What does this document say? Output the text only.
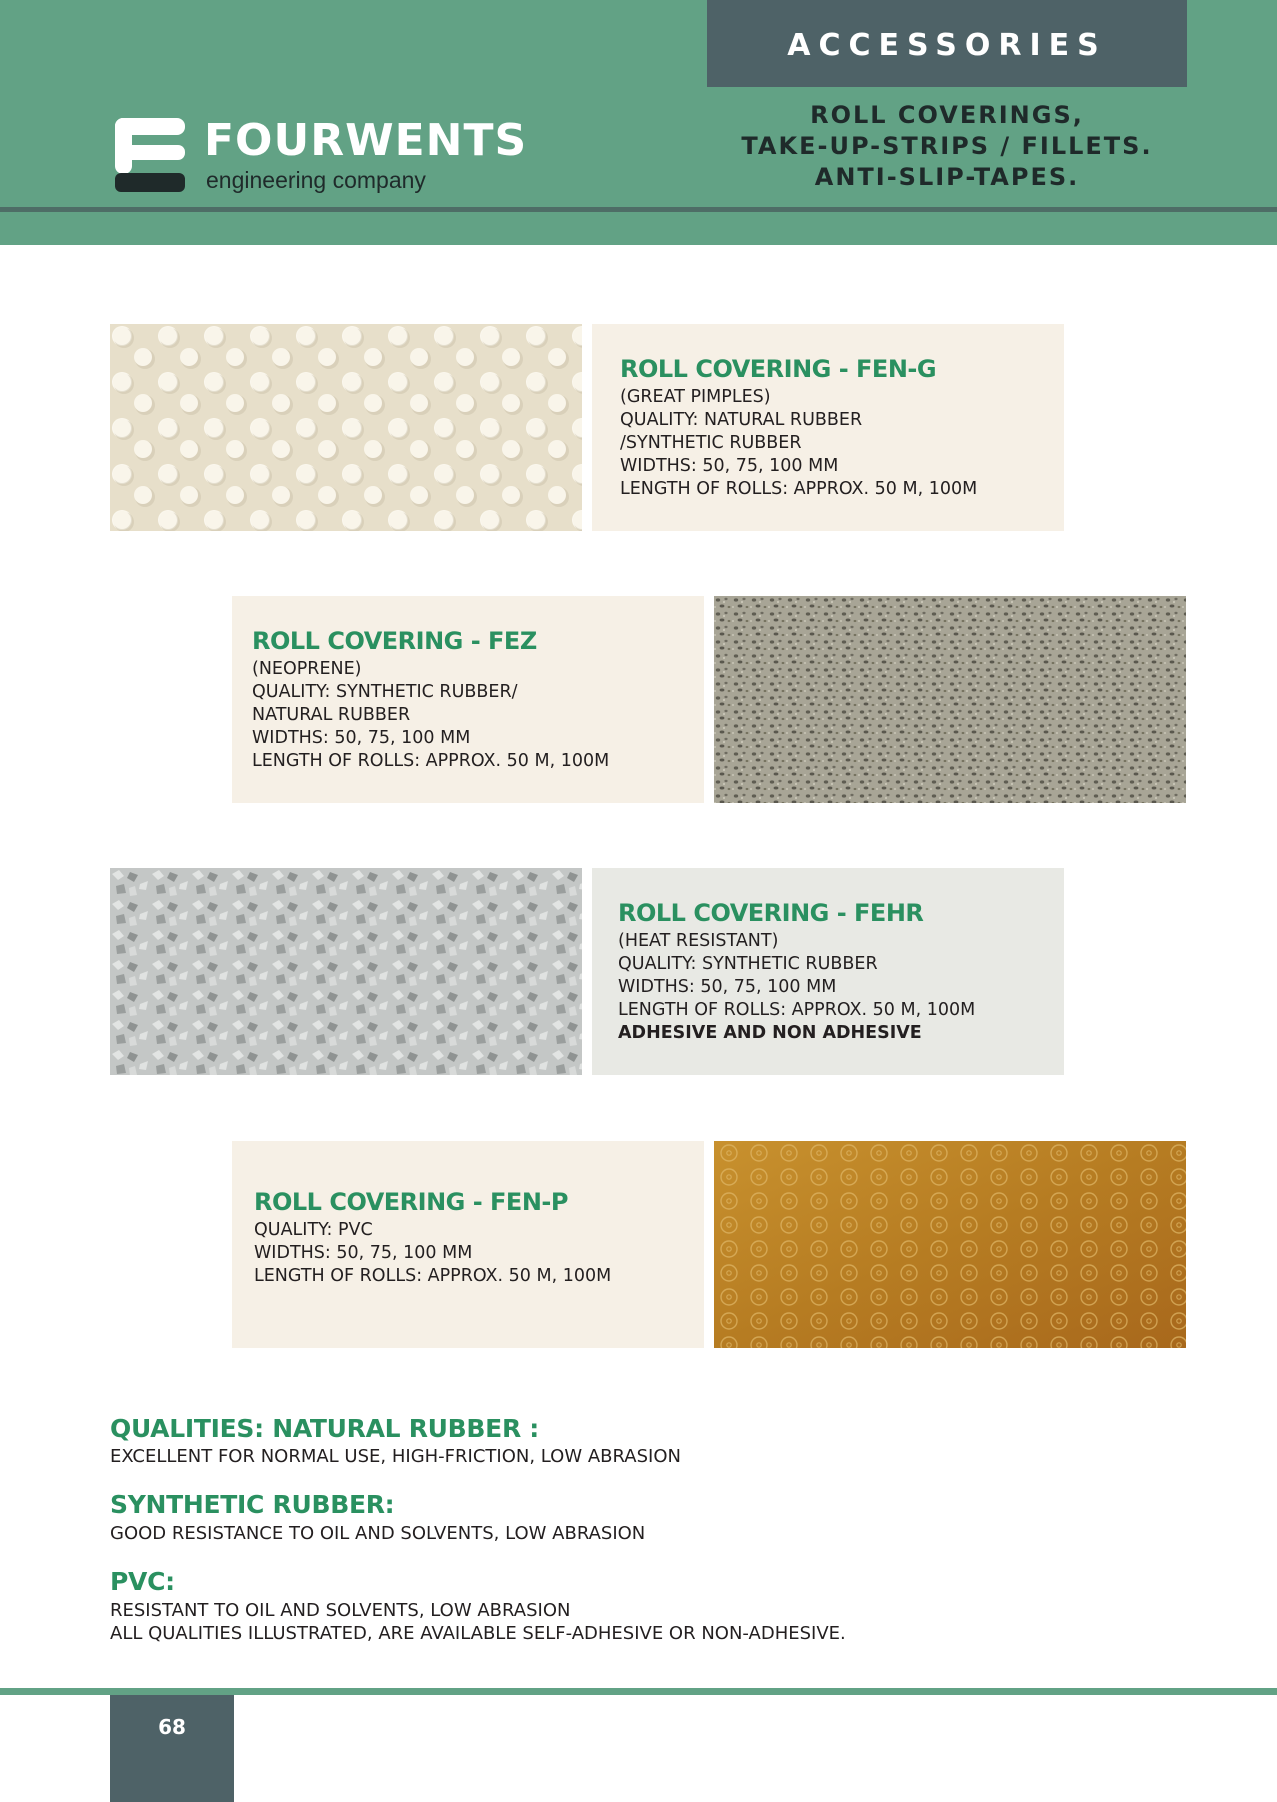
ACCESSORIES
ROLL COVERINGS,
TAKE-UP-STRIPS / FILLETS.
ANTI-SLIP-TAPES.
FOURWENTS
engineering company
ROLL COVERING - FEN-G
(GREAT PIMPLES)
QUALITY: NATURAL RUBBER
/SYNTHETIC RUBBER
WIDTHS: 50, 75, 100 MM
LENGTH OF ROLLS: APPROX. 50 M, 100M
ROLL COVERING - FEZ
(NEOPRENE)
QUALITY: SYNTHETIC RUBBER/
NATURAL RUBBER
WIDTHS: 50, 75, 100 MM
LENGTH OF ROLLS: APPROX. 50 M, 100M
ROLL COVERING - FEHR
(HEAT RESISTANT)
QUALITY: SYNTHETIC RUBBER
WIDTHS: 50, 75, 100 MM
LENGTH OF ROLLS: APPROX. 50 M, 100M
ADHESIVE AND NON ADHESIVE
ROLL COVERING - FEN-P
QUALITY: PVC
WIDTHS: 50, 75, 100 MM
LENGTH OF ROLLS: APPROX. 50 M, 100M
QUALITIES: NATURAL RUBBER :
EXCELLENT FOR NORMAL USE, HIGH-FRICTION, LOW ABRASION
SYNTHETIC RUBBER:
GOOD RESISTANCE TO OIL AND SOLVENTS, LOW ABRASION
PVC:
RESISTANT TO OIL AND SOLVENTS, LOW ABRASION
ALL QUALITIES ILLUSTRATED, ARE AVAILABLE SELF-ADHESIVE OR NON-ADHESIVE.
68
